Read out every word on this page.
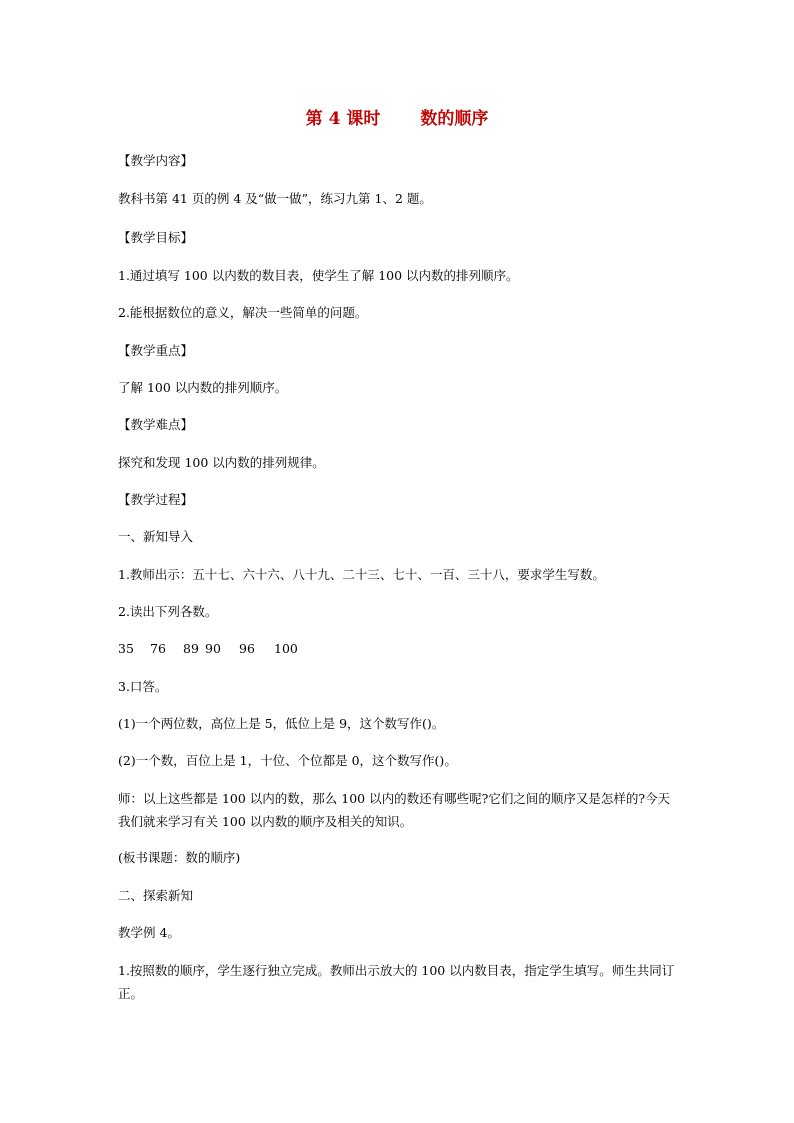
第 4 课时 数的顺序
【教学内容】
教科书第 41 页的例 4 及“做一做”，练习九第 1、2 题。
【教学目标】
1.通过填写 100 以内数的数目表，使学生了解 100 以内数的排列顺序。
2.能根据数位的意义，解决一些简单的问题。
【教学重点】
了解 100 以内数的排列顺序。
【教学难点】
探究和发现 100 以内数的排列规律。
【教学过程】
一、新知导入
1.教师出示：五十七、六十六、八十九、二十三、七十、一百、三十八，要求学生写数。
2.读出下列各数。
35 76 89 90 96 100
3.口答。
(1)一个两位数，高位上是 5，低位上是 9，这个数写作()。
(2)一个数，百位上是 1，十位、个位都是 0，这个数写作()。
师：以上这些都是 100 以内的数，那么 100 以内的数还有哪些呢?它们之间的顺序又是怎样的?今天我们就来学习有关 100 以内数的顺序及相关的知识。
(板书课题：数的顺序)
二、探索新知
教学例 4。
1.按照数的顺序，学生逐行独立完成。教师出示放大的 100 以内数目表，指定学生填写。师生共同订正。
